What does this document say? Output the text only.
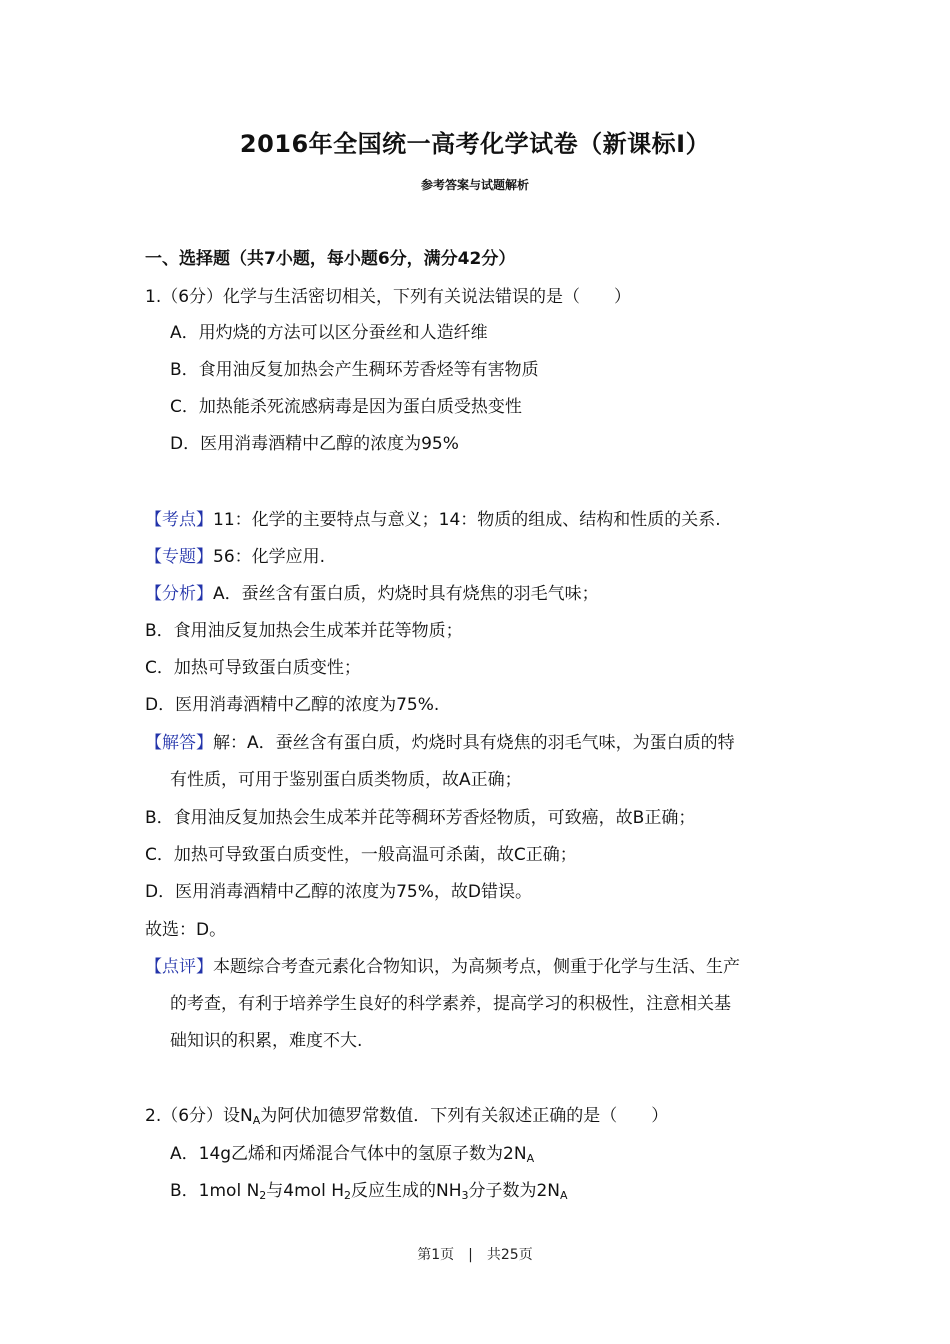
2016年全国统一高考化学试卷（新课标Ⅰ）
参考答案与试题解析
一、选择题（共7小题，每小题6分，满分42分）
1.（6分）化学与生活密切相关，下列有关说法错误的是（　　）
A．用灼烧的方法可以区分蚕丝和人造纤维
B．食用油反复加热会产生稠环芳香烃等有害物质
C．加热能杀死流感病毒是因为蛋白质受热变性
D．医用消毒酒精中乙醇的浓度为95%
【考点】11：化学的主要特点与意义；14：物质的组成、结构和性质的关系.
【专题】56：化学应用.
【分析】A．蚕丝含有蛋白质，灼烧时具有烧焦的羽毛气味；
B．食用油反复加热会生成苯并芘等物质；
C．加热可导致蛋白质变性；
D．医用消毒酒精中乙醇的浓度为75%.
【解答】解：A．蚕丝含有蛋白质，灼烧时具有烧焦的羽毛气味，为蛋白质的特
有性质，可用于鉴别蛋白质类物质，故A正确；
B．食用油反复加热会生成苯并芘等稠环芳香烃物质，可致癌，故B正确；
C．加热可导致蛋白质变性，一般高温可杀菌，故C正确；
D．医用消毒酒精中乙醇的浓度为75%，故D错误。
故选：D。
【点评】本题综合考查元素化合物知识，为高频考点，侧重于化学与生活、生产
的考查，有利于培养学生良好的科学素养，提高学习的积极性，注意相关基
础知识的积累，难度不大.
2.（6分）设$N_A$为阿伏加德罗常数值．下列有关叙述正确的是（　　）
A．14g乙烯和丙烯混合气体中的氢原子数为$2N_A$
B．1mol $N_2$与4mol $H_2$反应生成的$NH_3$分子数为$2N_A$
第1页　|　共25页
